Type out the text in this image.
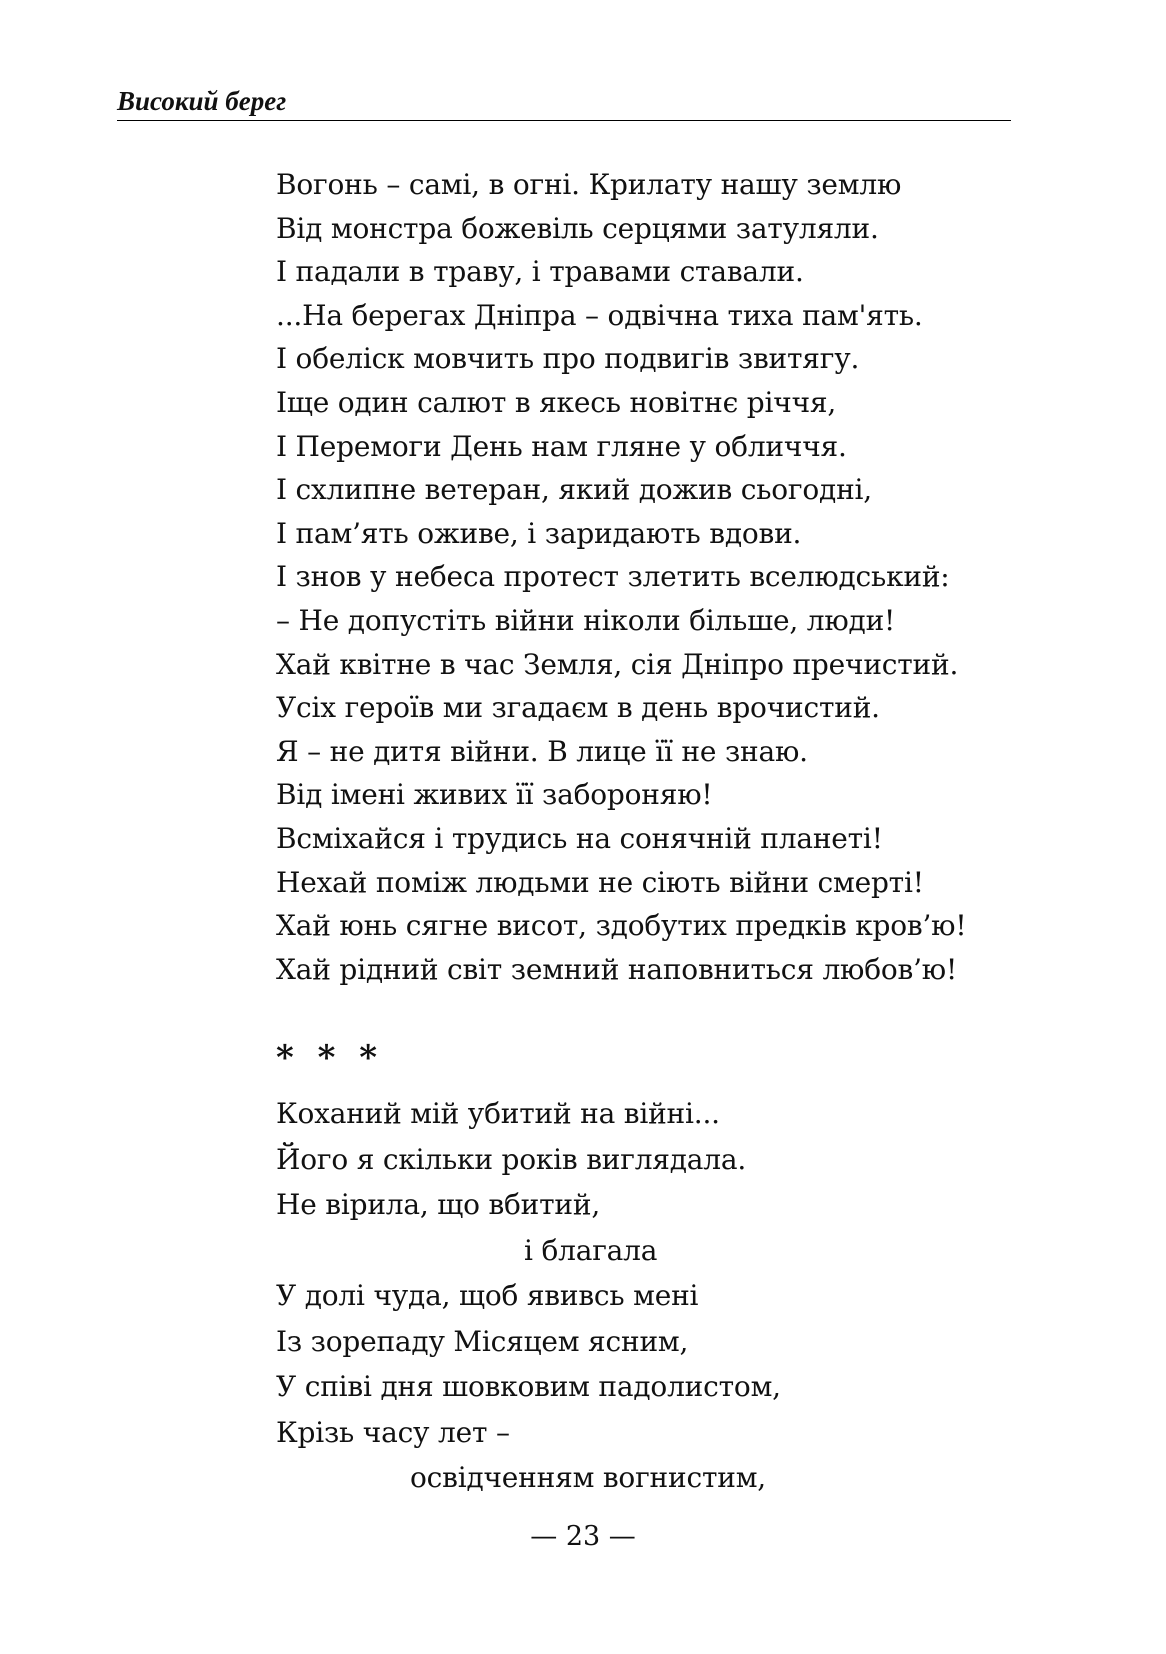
Високий берег
Вогонь – самі, в огні. Крилату нашу землю
Від монстра божевіль серцями затуляли.
І падали в траву, і травами ставали.
...На берегах Дніпра – одвічна тиха пам'ять.
І обеліск мовчить про подвигів звитягу.
Іще один салют в якесь новітнє річчя,
І Перемоги День нам гляне у обличчя.
І схлипне ветеран, який дожив сьогодні,
І пам’ять оживе, і заридають вдови.
І знов у небеса протест злетить вселюдський:
– Не допустіть війни ніколи більше, люди!
Хай квітне в час Земля, сія Дніпро пречистий.
Усіх героїв ми згадаєм в день врочистий.
Я – не дитя війни. В лице її не знаю.
Від імені живих її забороняю!
Всміхайся і трудись на сонячній планеті!
Нехай поміж людьми не сіють війни смерті!
Хай юнь сягне висот, здобутих предків кров’ю!
Хай рідний світ земний наповниться любов’ю!
* * *
Коханий мій убитий на війні...
Його я скільки років виглядала.
Не вірила, що вбитий,
і благала
У долі чуда, щоб явивсь мені
Із зорепаду Місяцем ясним,
У співі дня шовковим падолистом,
Крізь часу лет –
освідченням вогнистим,
— 23 —
